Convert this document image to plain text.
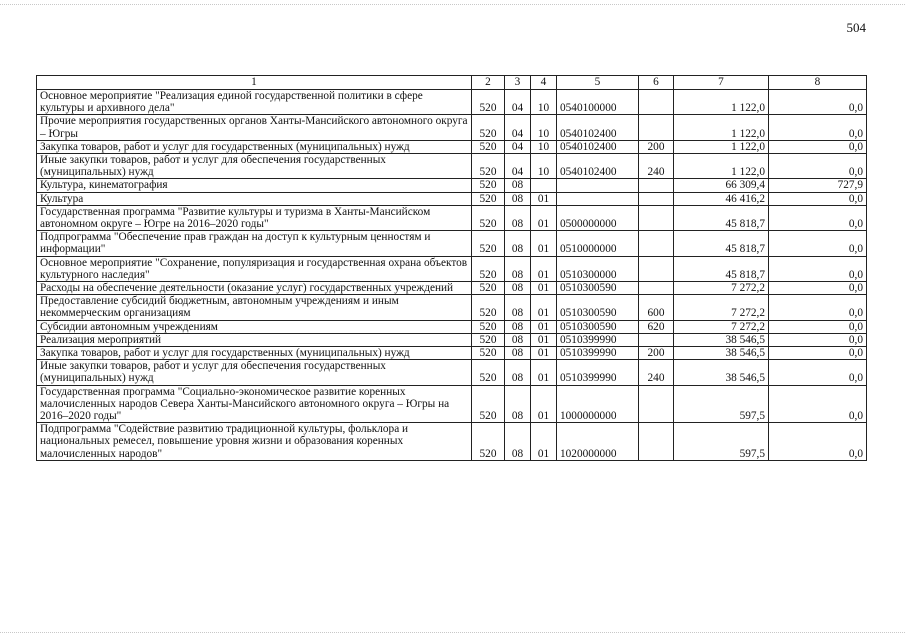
504
1	2	3	4	5	6	7	8
Основное мероприятие "Реализация единой государственной политики в сфере культуры и архивного дела"	520	04	10	0540100000		1 122,0	0,0
Прочие мероприятия государственных органов Ханты-Мансийского автономного округа – Югры	520	04	10	0540102400		1 122,0	0,0
Закупка товаров, работ и услуг для государственных (муниципальных) нужд	520	04	10	0540102400	200	1 122,0	0,0
Иные закупки товаров, работ и услуг для обеспечения государственных (муниципальных) нужд	520	04	10	0540102400	240	1 122,0	0,0
Культура, кинематография	520	08				66 309,4	727,9
Культура	520	08	01			46 416,2	0,0
Государственная программа "Развитие культуры и туризма в Ханты-Мансийском автономном округе – Югре на 2016–2020 годы"	520	08	01	0500000000		45 818,7	0,0
Подпрограмма "Обеспечение прав граждан на доступ к культурным ценностям и информации"	520	08	01	0510000000		45 818,7	0,0
Основное мероприятие "Сохранение, популяризация и государственная охрана объектов культурного наследия"	520	08	01	0510300000		45 818,7	0,0
Расходы на обеспечение деятельности (оказание услуг) государственных учреждений	520	08	01	0510300590		7 272,2	0,0
Предоставление субсидий бюджетным, автономным учреждениям и иным некоммерческим организациям	520	08	01	0510300590	600	7 272,2	0,0
Субсидии автономным учреждениям	520	08	01	0510300590	620	7 272,2	0,0
Реализация мероприятий	520	08	01	0510399990		38 546,5	0,0
Закупка товаров, работ и услуг для государственных (муниципальных) нужд	520	08	01	0510399990	200	38 546,5	0,0
Иные закупки товаров, работ и услуг для обеспечения государственных (муниципальных) нужд	520	08	01	0510399990	240	38 546,5	0,0
Государственная программа "Социально-экономическое развитие коренных малочисленных народов Севера Ханты-Мансийского автономного округа – Югры на 2016–2020 годы"	520	08	01	1000000000		597,5	0,0
Подпрограмма "Содействие развитию традиционной культуры, фольклора и национальных ремесел, повышение уровня жизни и образования коренных малочисленных народов"	520	08	01	1020000000		597,5	0,0
